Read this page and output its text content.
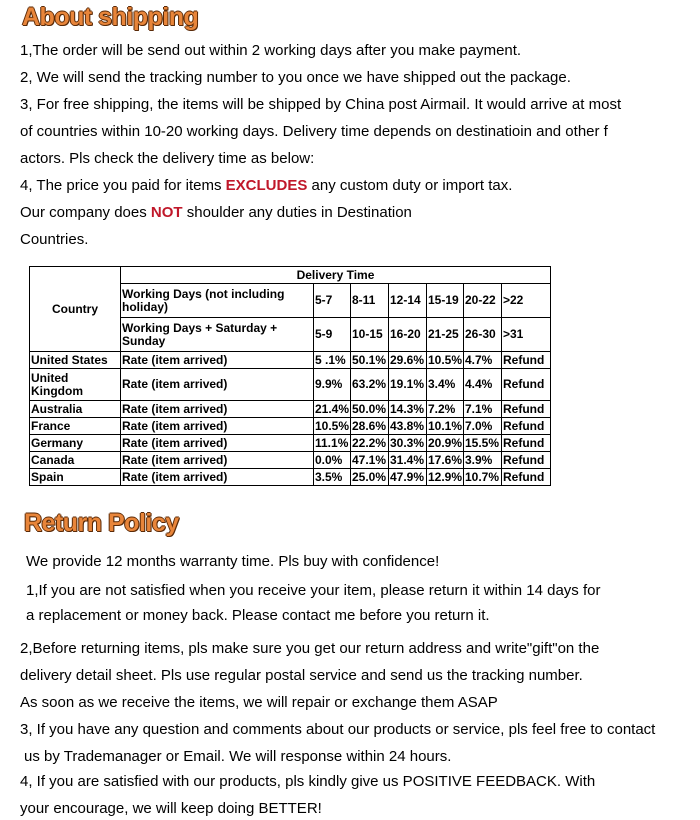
About shipping
1,The order will be send out within 2 working days after you make payment.
2, We will send the tracking number to you once we have shipped out the package.
3, For free shipping, the items will be shipped by China post Airmail. It would arrive at most
of countries within 10-20 working days. Delivery time depends on destinatioin and other f
actors. Pls check the delivery time as below:
4, The price you paid for items EXCLUDES any custom duty or import tax.
Our company does NOT shoulder any duties in Destination
Countries.
Country	Delivery Time						
	Working Days (not including holiday)	5-7	8-11	12-14	15-19	20-22	>22
	Working Days + Saturday + Sunday	5-9	10-15	16-20	21-25	26-30	>31
United States	Rate (item arrived)	5 .1%	50.1%	29.6%	10.5%	4.7%	Refund
United Kingdom	Rate (item arrived)	9.9%	63.2%	19.1%	3.4%	4.4%	Refund
Australia	Rate (item arrived)	21.4%	50.0%	14.3%	7.2%	7.1%	Refund
France	Rate (item arrived)	10.5%	28.6%	43.8%	10.1%	7.0%	Refund
Germany	Rate (item arrived)	11.1%	22.2%	30.3%	20.9%	15.5%	Refund
Canada	Rate (item arrived)	0.0%	47.1%	31.4%	17.6%	3.9%	Refund
Spain	Rate (item arrived)	3.5%	25.0%	47.9%	12.9%	10.7%	Refund
Return Policy
We provide 12 months warranty time. Pls buy with confidence!
1,If you are not satisfied when you receive your item, please return it within 14 days for
a replacement or money back. Please contact me before you return it.
2,Before returning items, pls make sure you get our return address and write"gift"on the
delivery detail sheet. Pls use regular postal service and send us the tracking number.
As soon as we receive the items, we will repair or exchange them ASAP
3, If you have any question and comments about our products or service, pls feel free to contact
us by Trademanager or Email. We will response within 24 hours.
4, If you are satisfied with our products, pls kindly give us POSITIVE FEEDBACK. With
your encourage, we will keep doing BETTER!
